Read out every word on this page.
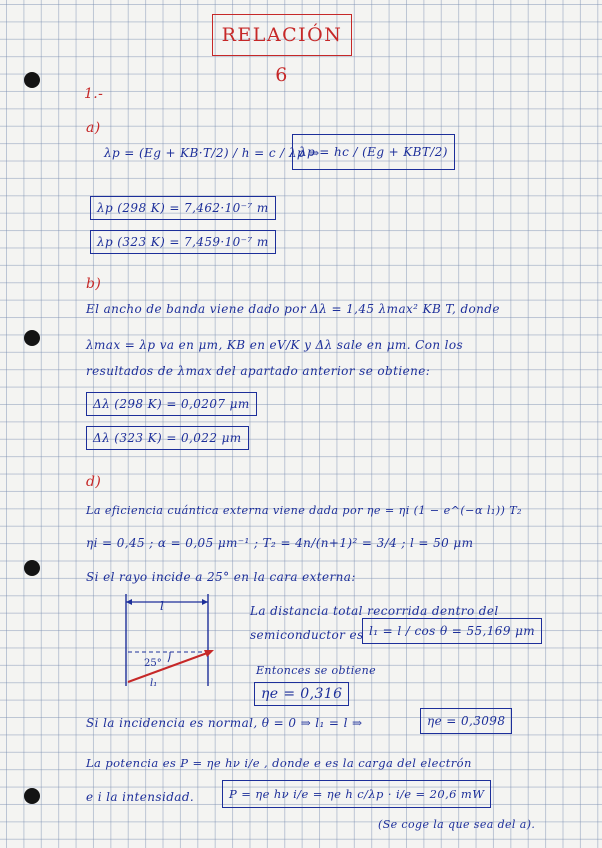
RELACIÓN 6
1.-
a)
λp = (Eg + KB·T/2) / h = c / λp ⇒
λp = hc / (Eg + KBT/2)
λp (298 K) = 7,462·10⁻⁷ m
λp (323 K) = 7,459·10⁻⁷ m
b)
El ancho de banda viene dado por Δλ = 1,45 λmax² KB T, donde
λmax = λp va en μm, KB en eV/K y Δλ sale en μm. Con los
resultados de λmax del apartado anterior se obtiene:
Δλ (298 K) = 0,0207 μm
Δλ (323 K) = 0,022 μm
d)
La eficiencia cuántica externa viene dada por ηe = ηi (1 − e^(−α l₁)) T₂
ηi = 0,45 ; α = 0,05 μm⁻¹ ; T₂ = 4n/(n+1)² = 3/4 ; l = 50 μm
Si el rayo incide a 25° en la cara externa:
l
25°
l₁
La distancia total recorrida dentro del
semiconductor es l₁ = l / cos θ = 55,169 μm
Entonces se obtiene
ηe = 0,316
Si la incidencia es normal, θ = 0 ⇒ l₁ = l ⇒	ηe = 0,3098
La potencia es P = ηe hν i/e , donde e es la carga del electrón
e i la intensidad.	P = ηe hν i/e = ηe h c/λp · i/e = 20,6 mW
(Se coge la que sea del a).
